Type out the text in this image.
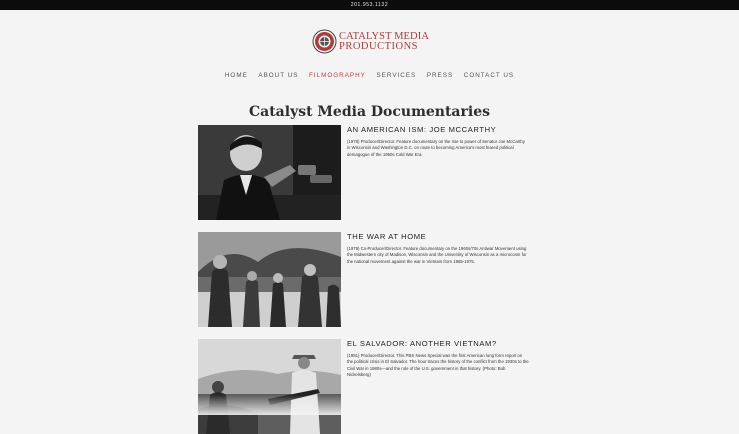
201.953.1132
CATALYST MEDIA
PRODUCTIONS
HOME	ABOUT US	FILMOGRAPHY	SERVICES	PRESS	CONTACT US
Catalyst Media Documentaries
AN AMERICAN ISM: JOE MCCARTHY

(1978) Producer/Director. Feature documentary on the rise to power of Senator Joe McCarthy in Wisconsin and Washington D.C. on route to becoming America's most feared political demagogue of the 1950s Cold War Era.

THE WAR AT HOME

(1979) Co-Producer/Director. Feature documentary on the 1960s/70s Antiwar Movement using the Midwestern city of Madison, Wisconsin and the University of Wisconsin as a microcosm for the national movement against the war in Vietnam from 1965-1975.

EL SALVADOR: ANOTHER VIETNAM?

(1981) Producer/Director. This PBS News Special was the first American long form report on the political crisis in El Salvador. The hour traces the history of the conflict from the 1930s to the Civil War in 1980s—and the role of the U.S. government in that history. (Photo: Bob Nickelsberg)
